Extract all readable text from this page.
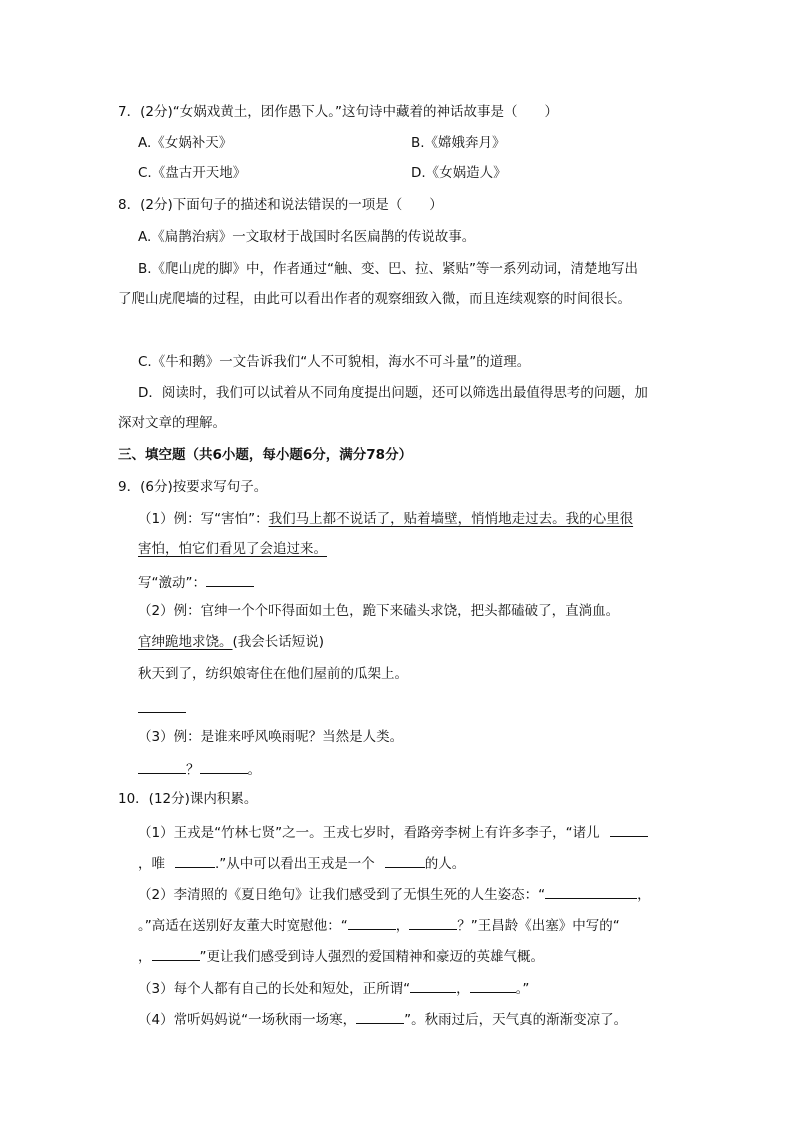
7．(2分)“女娲戏黄土，团作愚下人。”这句诗中藏着的神话故事是（　　）
A.《女娲补天》	B.《嫦娥奔月》
C.《盘古开天地》	D.《女娲造人》
8．(2分)下面句子的描述和说法错误的一项是（　　）
A.《扁鹊治病》一文取材于战国时名医扁鹊的传说故事。
B.《爬山虎的脚》中，作者通过“触、变、巴、拉、紧贴”等一系列动词，清楚地写出
了爬山虎爬墙的过程，由此可以看出作者的观察细致入微，而且连续观察的时间很长。
C.《牛和鹅》一文告诉我们“人不可貌相，海水不可斗量”的道理。
D．阅读时，我们可以试着从不同角度提出问题，还可以筛选出最值得思考的问题，加
深对文章的理解。
三、填空题（共6小题，每小题6分，满分78分）
9．(6分)按要求写句子。
（1）例：写“害怕”：我们马上都不说话了，贴着墙壁，悄悄地走过去。我的心里很
害怕，怕它们看见了会追过来。
写“激动”：
（2）例：官绅一个个吓得面如土色，跪下来磕头求饶，把头都磕破了，直淌血。
官绅跪地求饶。(我会长话短说)
秋天到了，纺织娘寄住在他们屋前的瓜架上。
（3）例：是谁来呼风唤雨呢？当然是人类。
？	。
10．(12分)课内积累。
（1）王戎是“竹林七贤”之一。王戎七岁时，看路旁李树上有许多李子，“诸儿
，唯	.”从中可以看出王戎是一个	的人。
（2）李清照的《夏日绝句》让我们感受到了无惧生死的人生姿态：“	，
。”高适在送别好友董大时宽慰他：“	，	？”王昌龄《出塞》中写的“
，	”更让我们感受到诗人强烈的爱国精神和豪迈的英雄气概。
（3）每个人都有自己的长处和短处，正所谓“	，	。”
（4）常听妈妈说“一场秋雨一场寒，	”。秋雨过后，天气真的渐渐变凉了。
